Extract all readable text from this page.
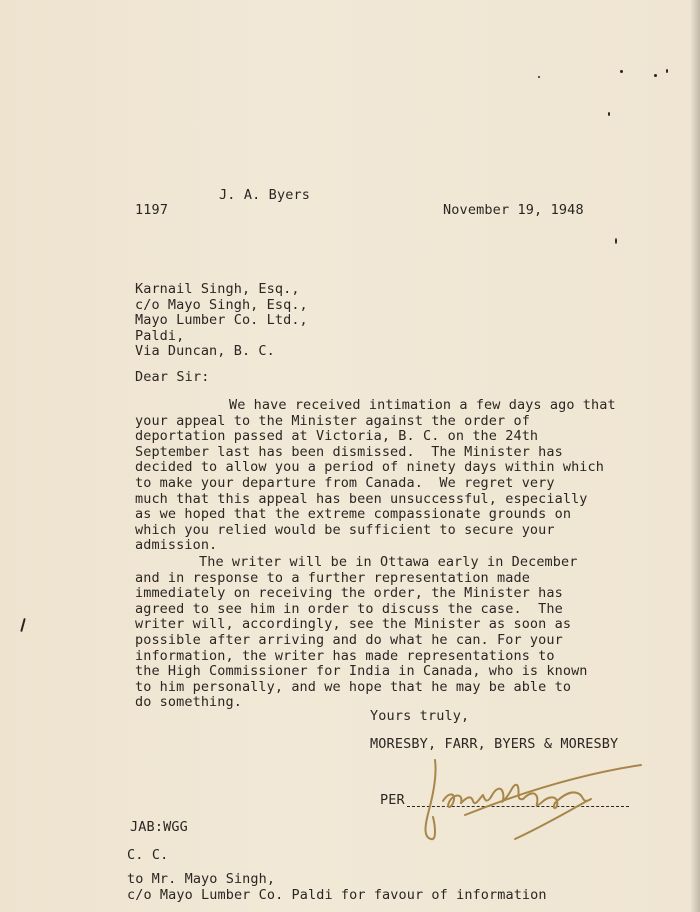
J. A. Byers
1197	November 19, 1948
Karnail Singh, Esq.,
c/o Mayo Singh, Esq.,
Mayo Lumber Co. Ltd.,
Paldi,
Via Duncan, B. C.
Dear Sir:
We have received intimation a few days ago that
your appeal to the Minister against the order of
deportation passed at Victoria, B. C. on the 24th
September last has been dismissed.  The Minister has
decided to allow you a period of ninety days within which
to make your departure from Canada.  We regret very
much that this appeal has been unsuccessful, especially
as we hoped that the extreme compassionate grounds on
which you relied would be sufficient to secure your
admission.
The writer will be in Ottawa early in December
and in response to a further representation made
immediately on receiving the order, the Minister has
agreed to see him in order to discuss the case.  The
writer will, accordingly, see the Minister as soon as
possible after arriving and do what he can. For your
information, the writer has made representations to
the High Commissioner for India in Canada, who is known
to him personally, and we hope that he may be able to
do something.
Yours truly,
MORESBY, FARR, BYERS & MORESBY
PER
JAB:WGG
C. C.
to Mr. Mayo Singh,
c/o Mayo Lumber Co. Paldi for favour of information
